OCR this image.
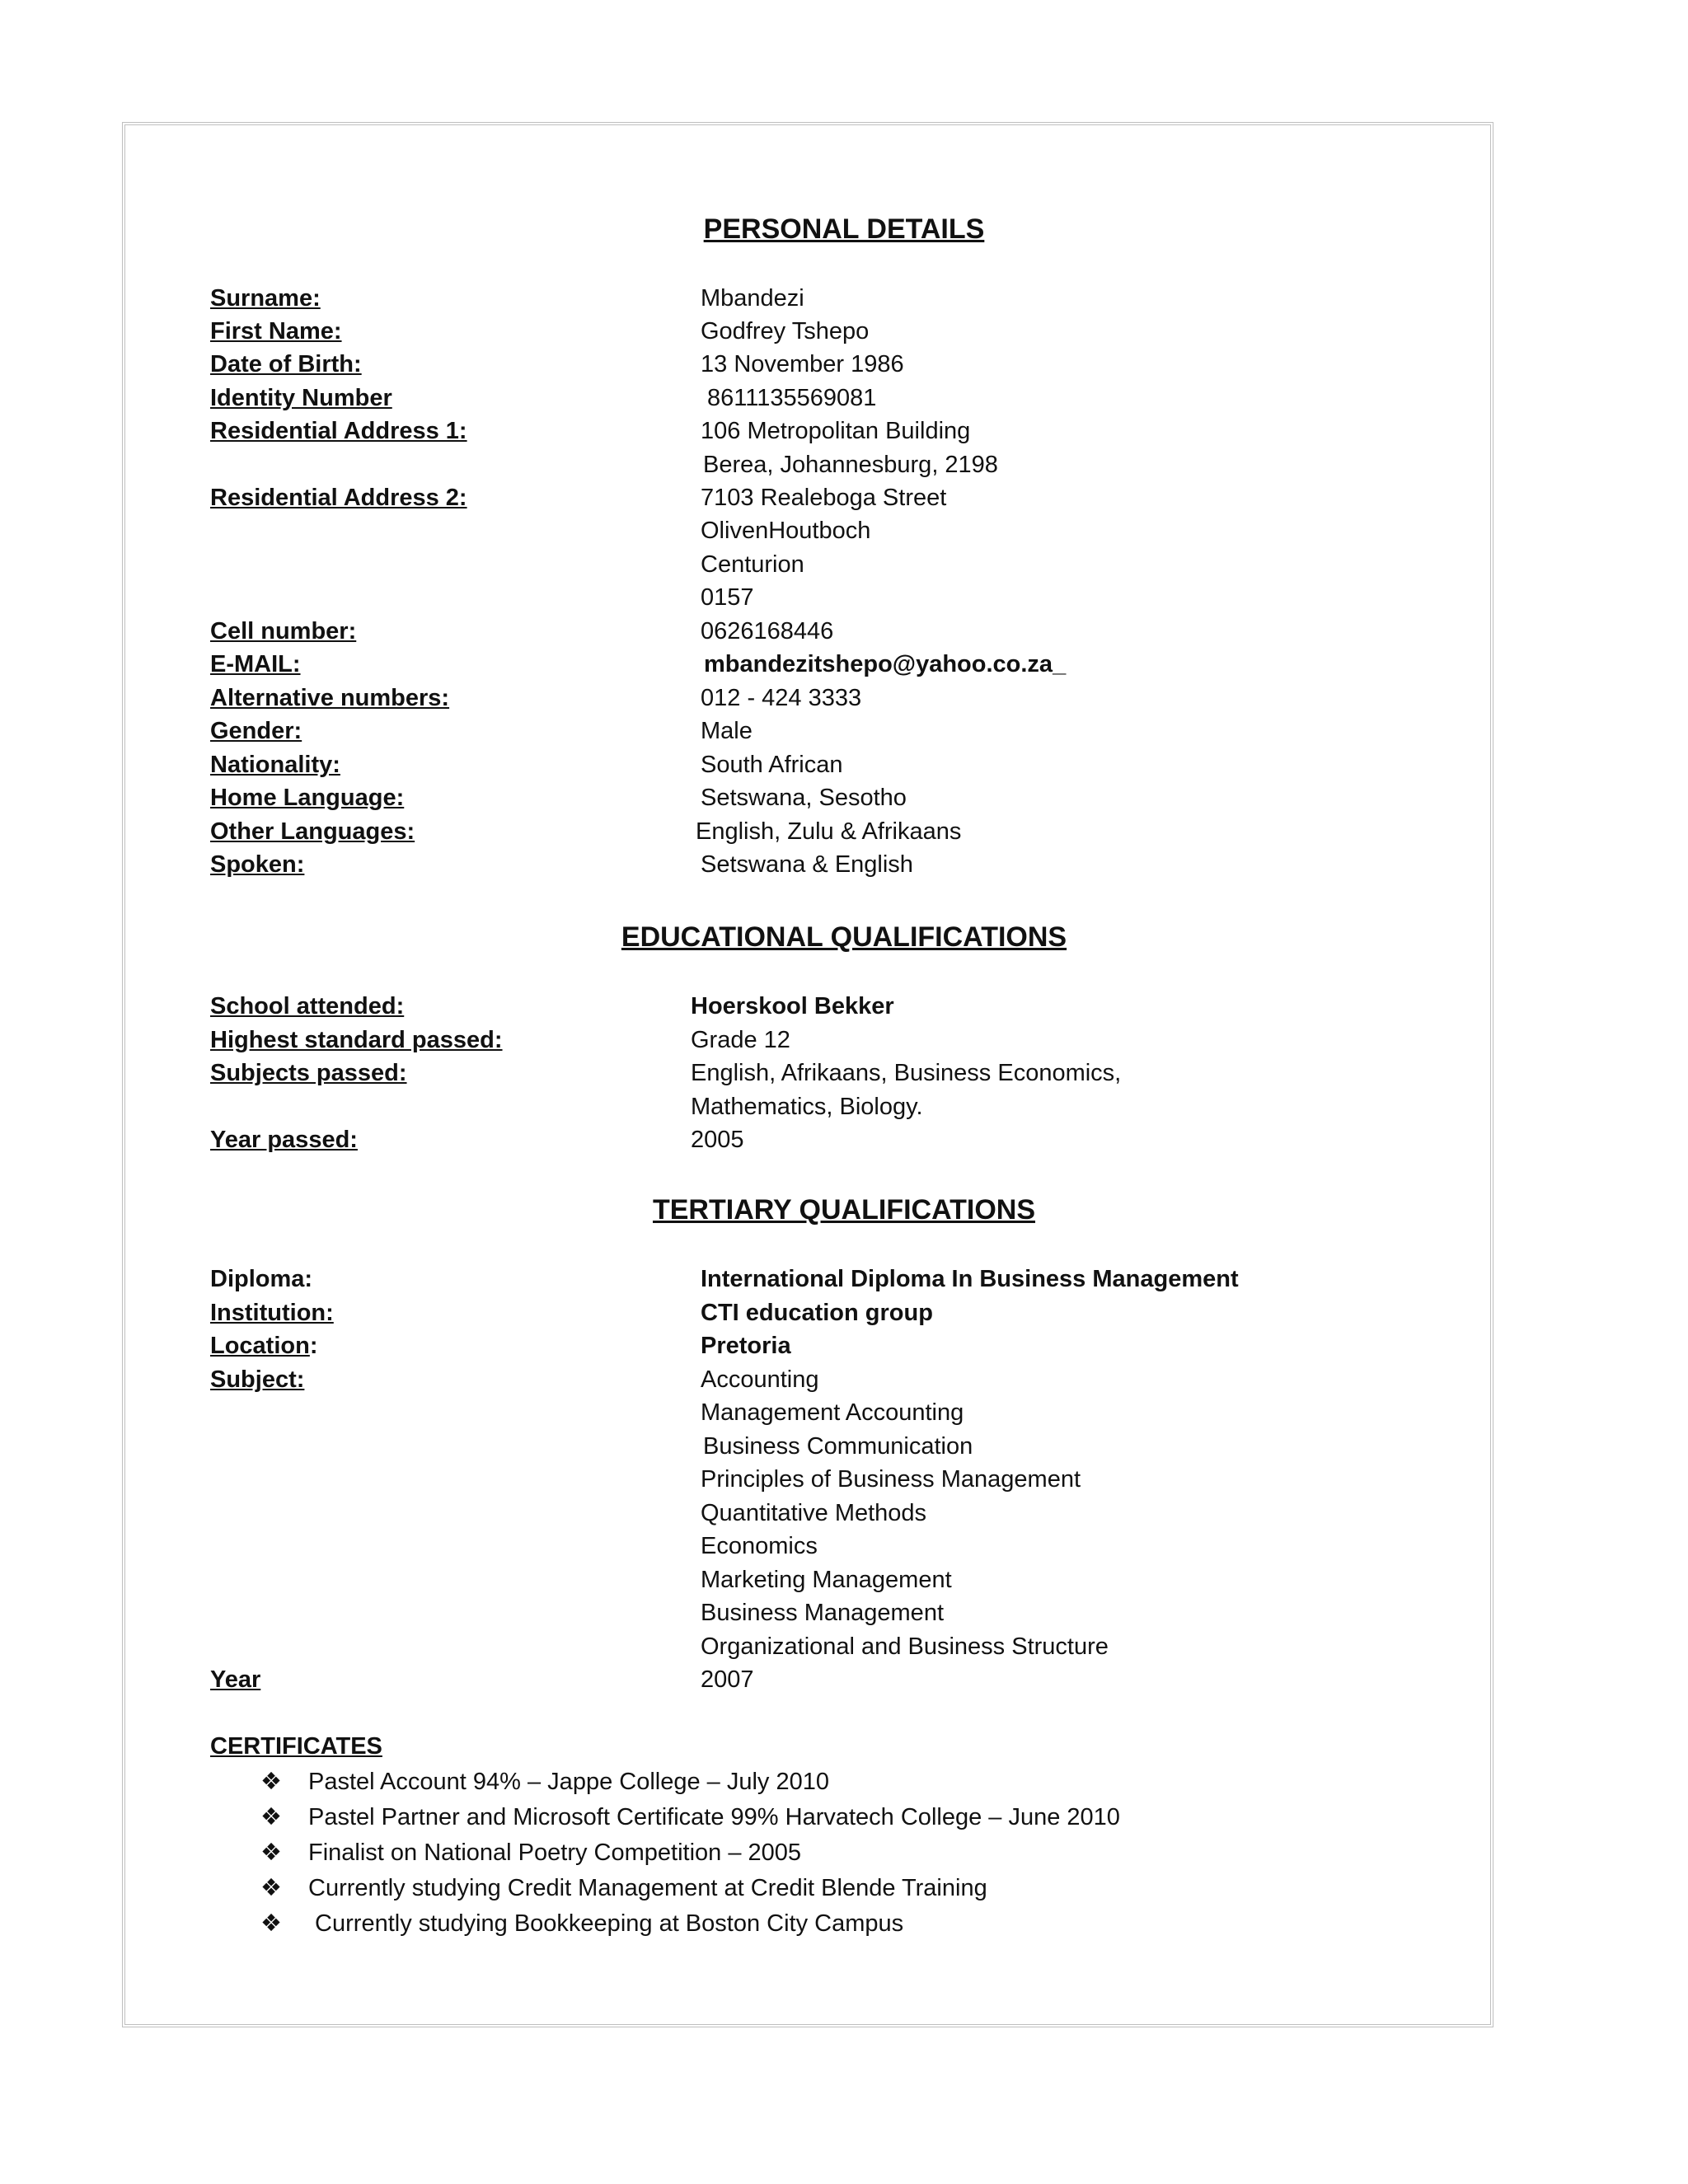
PERSONAL DETAILS
Surname:	Mbandezi
First Name:	Godfrey Tshepo
Date of Birth:	13 November 1986
Identity Number	8611135569081
Residential Address 1:	106 Metropolitan Building
Berea, Johannesburg, 2198
Residential Address 2:	7103 Realeboga Street
OlivenHoutboch
Centurion
0157
Cell number:	0626168446
E-MAIL:	mbandezitshepo@yahoo.co.za_
Alternative numbers:	012 - 424 3333
Gender:	Male
Nationality:	South African
Home Language:	Setswana, Sesotho
Other Languages:	English, Zulu & Afrikaans
Spoken:	Setswana & English
EDUCATIONAL QUALIFICATIONS
School attended:	Hoerskool Bekker
Highest standard passed:	Grade 12
Subjects passed:	English, Afrikaans, Business Economics,
Mathematics, Biology.
Year passed:	2005
TERTIARY QUALIFICATIONS
Diploma:	International Diploma In Business Management
Institution:	CTI education group
Location:	Pretoria
Subject:	Accounting
Management Accounting
Business Communication
Principles of Business Management
Quantitative Methods
Economics
Marketing Management
Business Management
Organizational and Business Structure
Year	2007
CERTIFICATES
❖ Pastel Account 94% – Jappe College – July 2010
❖ Pastel Partner and Microsoft Certificate 99% Harvatech College – June 2010
❖ Finalist on National Poetry Competition – 2005
❖ Currently studying Credit Management at Credit Blende Training
❖ Currently studying Bookkeeping at Boston City Campus
